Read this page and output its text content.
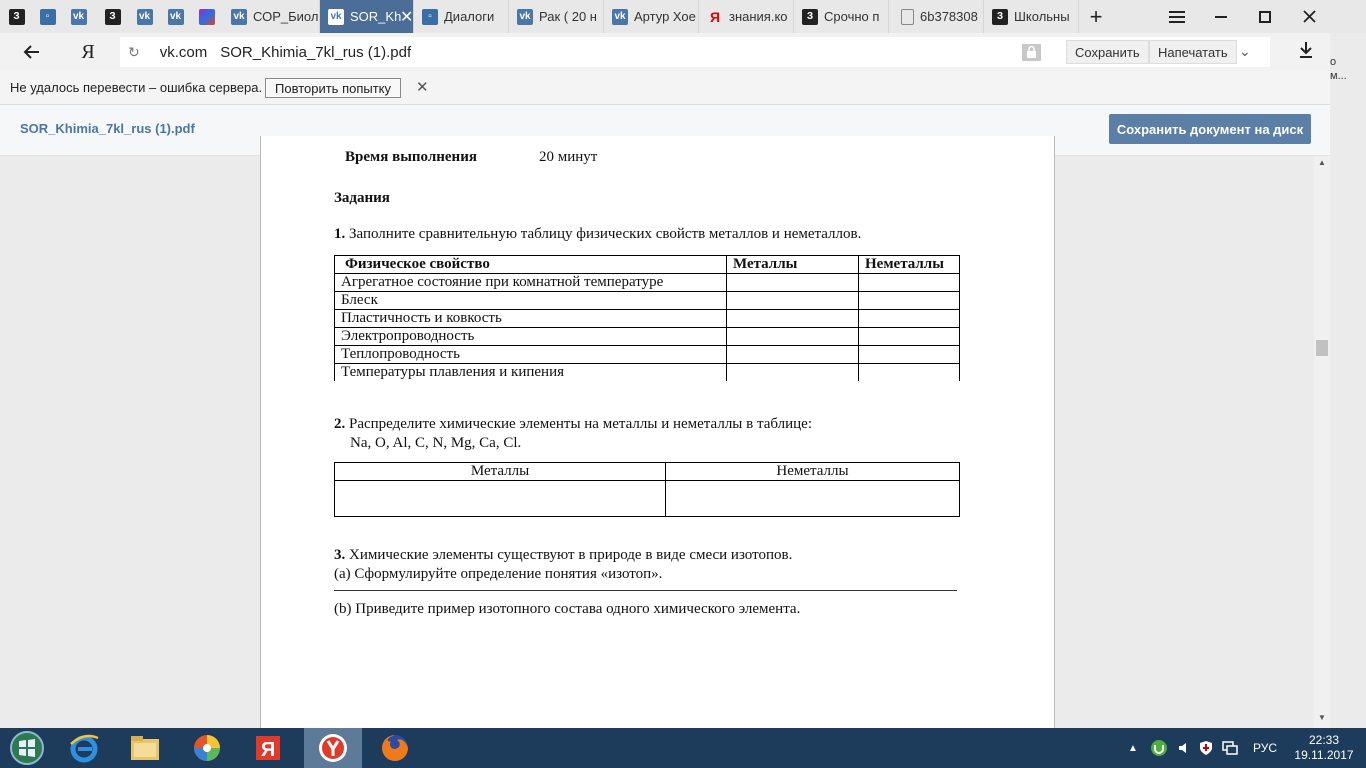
З	▫	vk	З	vk vk	vk СОР_Биол vk SOR_Kh
✕	▫ Диалоги	vk Рак ( 20 н vk Артур Хое Я знания.ко	З Срочно п	6b378308	З Школьны +
Я	↻ vk.com SOR_Khimia_7kl_rus (1).pdf	Сохранить	Напечатать ⌄
о
м...
Не удалось перевести – ошибка сервера. Повторить попытку	✕
SOR_Khimia_7kl_rus (1).pdf	Сохранить документ на диск
Время выполнения	20 минут
Задания
1. Заполните сравнительную таблицу физических свойств металлов и неметаллов.
Физическое свойство	Металлы	Неметаллы
Агрегатное состояние при комнатной температуре		
Блеск		
Пластичность и ковкость		
Электропроводность		
Теплопроводность		
Температуры плавления и кипения		
2. Распределите химические элементы на металлы и неметаллы в таблице:
Na, O, Al, C, N, Mg, Ca, Cl.
Металлы	Неметаллы

3. Химические элементы существуют в природе в виде смеси изотопов.
(а) Сформулируйте определение понятия «изотоп».
(b) Приведите пример изотопного состава одного химического элемента.
▲
▼
Я	▲	РУС
22:33
19.11.2017
